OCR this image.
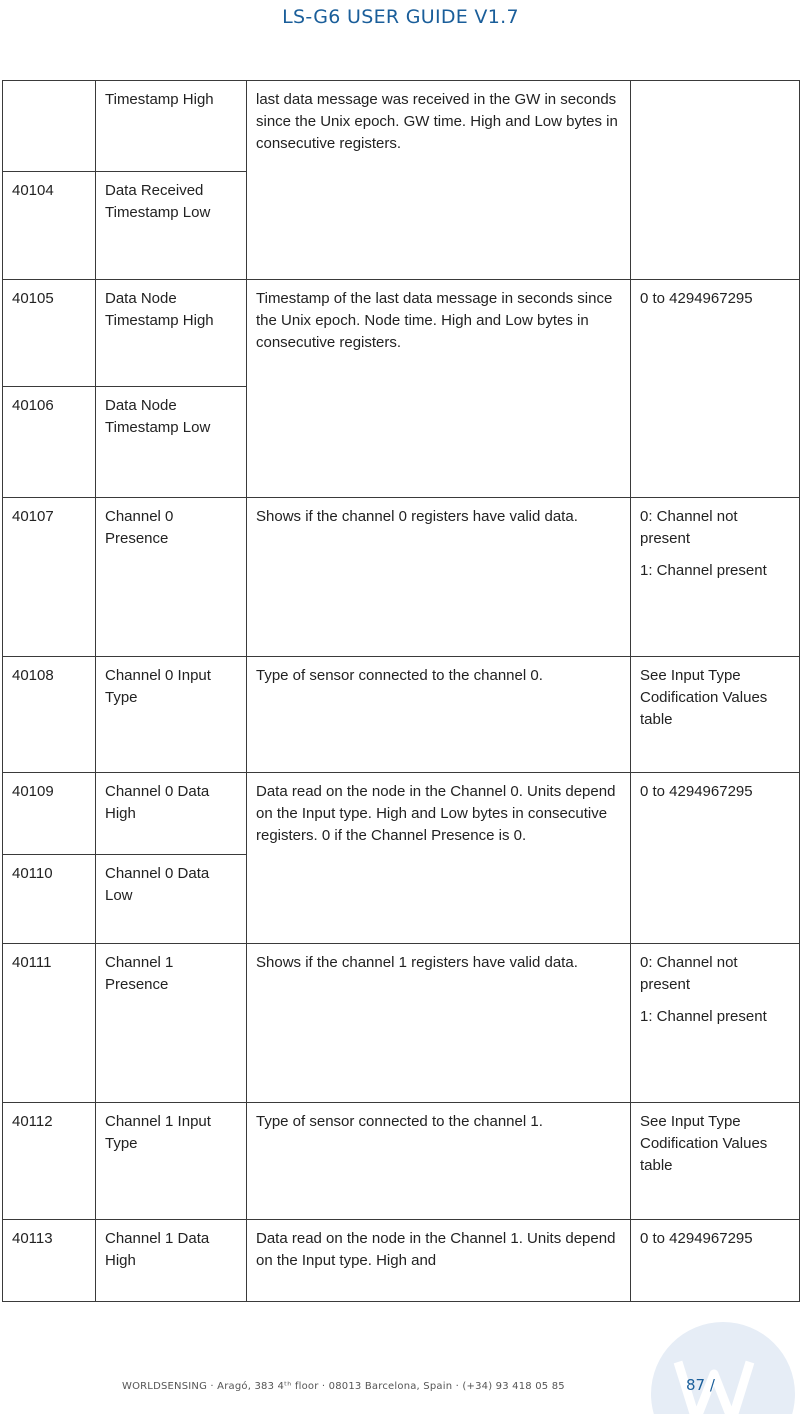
LS-G6 USER GUIDE V1.7
	Timestamp High	last data message was received in the GW in seconds since the Unix epoch. GW time. High and Low bytes in consecutive registers.	
40104	Data Received Timestamp Low		
40105	Data Node Timestamp High	Timestamp of the last data message in seconds since the Unix epoch. Node time. High and Low bytes in consecutive registers.	0 to 4294967295

40106	Data Node Timestamp Low		
40107	Channel 0 Presence	Shows if the channel 0 registers have valid data.	0: Channel not present
1: Channel present

40108	Channel 0 Input Type	Type of sensor connected to the channel 0.	See Input Type Codification Values table

40109	Channel 0 Data High	Data read on the node in the Channel 0. Units depend on the Input type. High and Low bytes in consecutive registers. 0 if the Channel Presence is 0.	0 to 4294967295

40110	Channel 0 Data Low		
40111	Channel 1 Presence	Shows if the channel 1 registers have valid data.	0: Channel not present
1: Channel present

40112	Channel 1 Input Type	Type of sensor connected to the channel 1.	See Input Type Codification Values table

40113	Channel 1 Data High	Data read on the node in the Channel 1. Units depend on the Input type. High and	0 to 4294967295
WORLDSENSING · Aragó, 383 4ᵗʰ floor · 08013 Barcelona, Spain · (+34) 93 418 05 85	87 /
